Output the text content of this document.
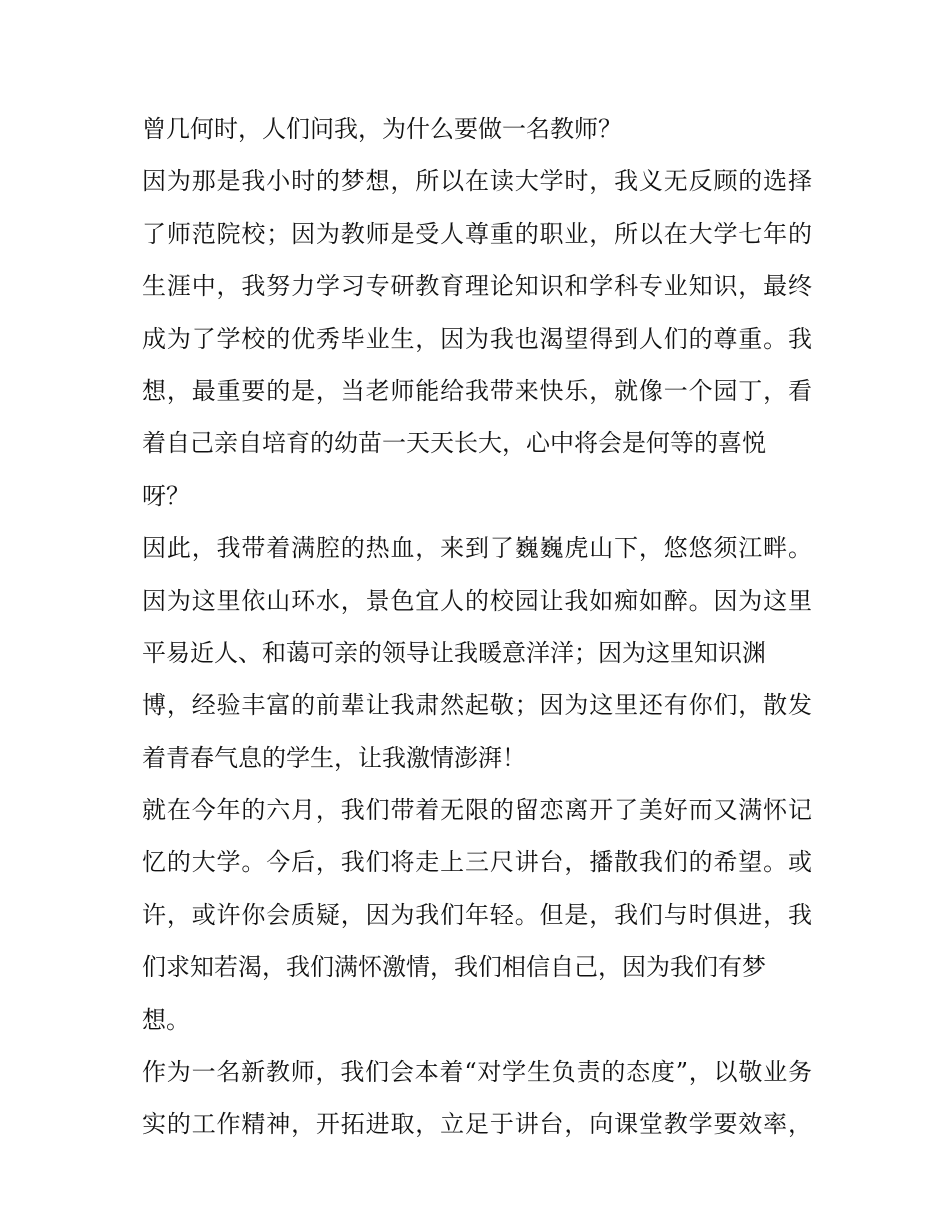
曾几何时，人们问我，为什么要做一名教师？
因为那是我小时的梦想，所以在读大学时，我义无反顾的选择
了师范院校；因为教师是受人尊重的职业，所以在大学七年的
生涯中，我努力学习专研教育理论知识和学科专业知识，最终
成为了学校的优秀毕业生，因为我也渴望得到人们的尊重。我
想，最重要的是，当老师能给我带来快乐，就像一个园丁，看
着自己亲自培育的幼苗一天天长大，心中将会是何等的喜悦
呀？
因此，我带着满腔的热血，来到了巍巍虎山下，悠悠须江畔。
因为这里依山环水，景色宜人的校园让我如痴如醉。因为这里
平易近人、和蔼可亲的领导让我暖意洋洋；因为这里知识渊
博，经验丰富的前辈让我肃然起敬；因为这里还有你们，散发
着青春气息的学生，让我激情澎湃！
就在今年的六月，我们带着无限的留恋离开了美好而又满怀记
忆的大学。今后，我们将走上三尺讲台，播散我们的希望。或
许，或许你会质疑，因为我们年轻。但是，我们与时俱进，我
们求知若渴，我们满怀激情，我们相信自己，因为我们有梦
想。
作为一名新教师，我们会本着“对学生负责的态度”，以敬业务
实的工作精神，开拓进取，立足于讲台，向课堂教学要效率，
